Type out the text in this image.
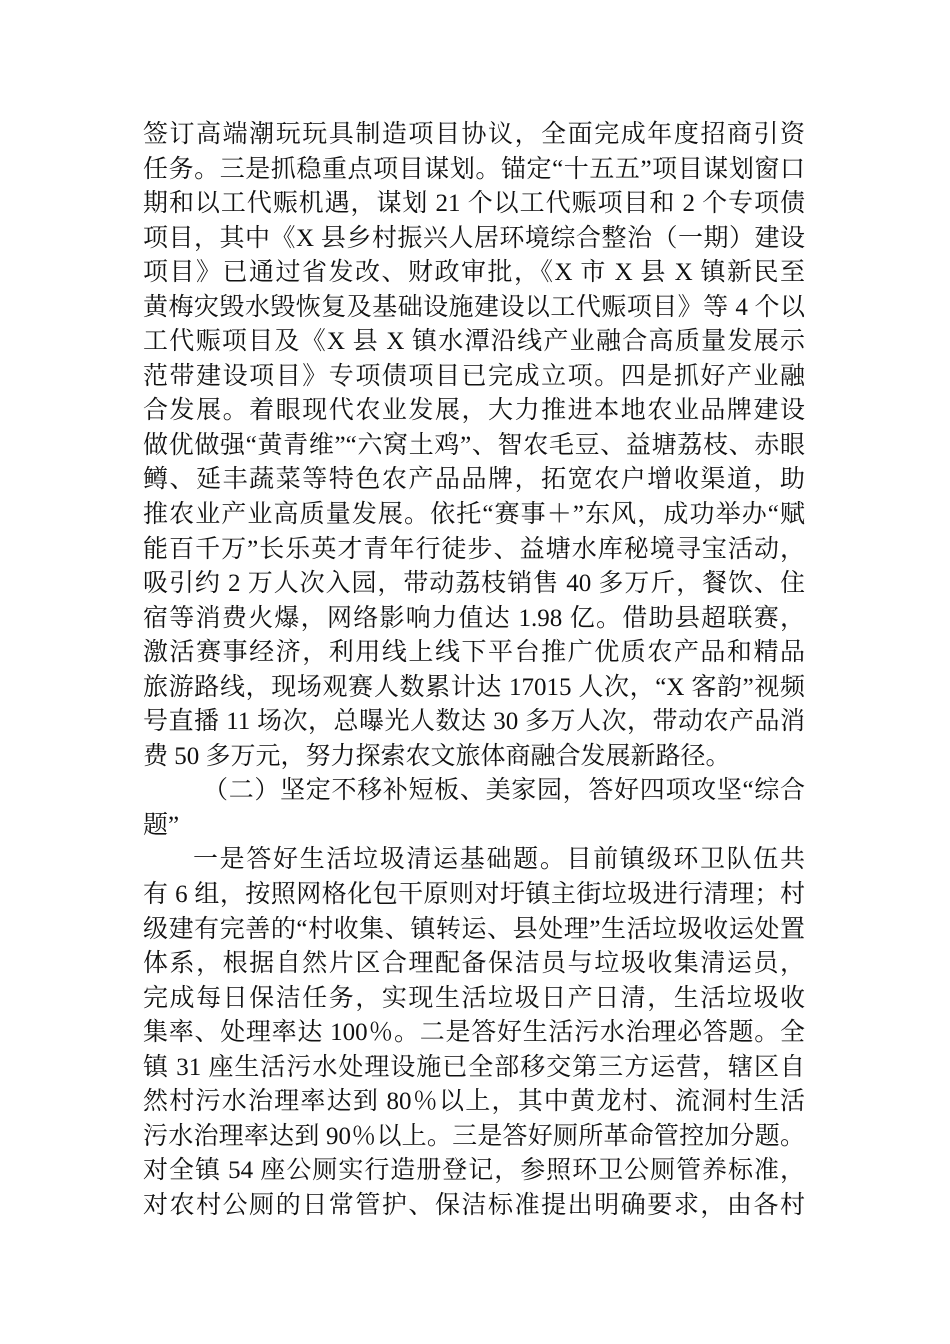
签订高端潮玩玩具制造项目协议，全面完成年度招商引资
任务。三是抓稳重点项目谋划。锚定“十五五”项目谋划窗口
期和以工代赈机遇，谋划 21 个以工代赈项目和 2 个专项债
项目，其中《X 县乡村振兴人居环境综合整治（一期）建设
项目》已通过省发改、财政审批，《X 市 X 县 X 镇新民至
黄梅灾毁水毁恢复及基础设施建设以工代赈项目》等 4 个以
工代赈项目及《X 县 X 镇水潭沿线产业融合高质量发展示
范带建设项目》专项债项目已完成立项。四是抓好产业融
合发展。着眼现代农业发展，大力推进本地农业品牌建设
做优做强“黄青维”“六窝土鸡”、智农毛豆、益塘荔枝、赤眼
鳟、延丰蔬菜等特色农产品品牌，拓宽农户增收渠道，助
推农业产业高质量发展。依托“赛事＋”东风，成功举办“赋
能百千万”长乐英才青年行徒步、益塘水库秘境寻宝活动，
吸引约 2 万人次入园，带动荔枝销售 40 多万斤，餐饮、住
宿等消费火爆，网络影响力值达 1.98 亿。借助县超联赛，
激活赛事经济，利用线上线下平台推广优质农产品和精品
旅游路线，现场观赛人数累计达 17015 人次，“X 客韵”视频
号直播 11 场次，总曝光人数达 30 多万人次，带动农产品消
费 50 多万元，努力探索农文旅体商融合发展新路径。
（二）坚定不移补短板、美家园，答好四项攻坚“综合
题”
一是答好生活垃圾清运基础题。目前镇级环卫队伍共
有 6 组，按照网格化包干原则对圩镇主街垃圾进行清理；村
级建有完善的“村收集、镇转运、县处理”生活垃圾收运处置
体系，根据自然片区合理配备保洁员与垃圾收集清运员，
完成每日保洁任务，实现生活垃圾日产日清，生活垃圾收
集率、处理率达 100％。二是答好生活污水治理必答题。全
镇 31 座生活污水处理设施已全部移交第三方运营，辖区自
然村污水治理率达到 80％以上，其中黄龙村、流洞村生活
污水治理率达到 90％以上。三是答好厕所革命管控加分题。
对全镇 54 座公厕实行造册登记，参照环卫公厕管养标准，
对农村公厕的日常管护、保洁标准提出明确要求，由各村
